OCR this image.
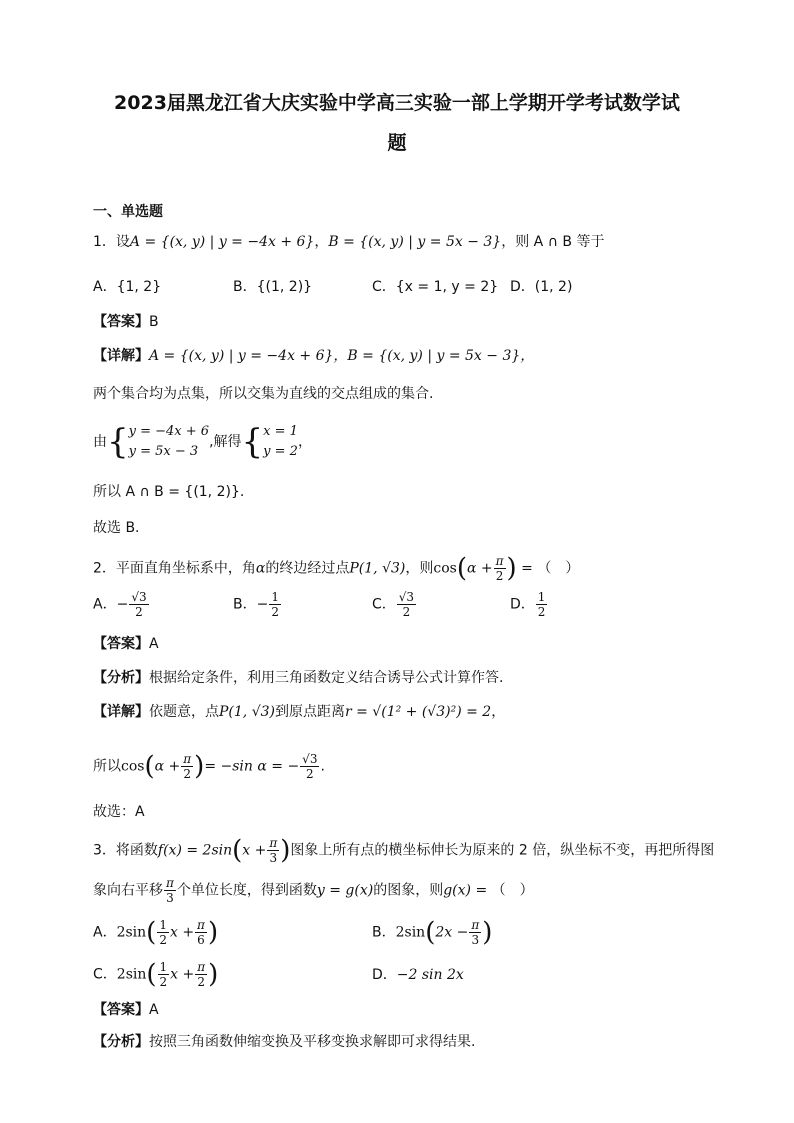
2023届黑龙江省大庆实验中学高三实验一部上学期开学考试数学试
题
一、单选题
1．设A = {(x, y) | y = −4x + 6}，B = {(x, y) | y = 5x − 3}，则 A ∩ B 等于
A．{1, 2}	B．{(1, 2)}	C．{x = 1, y = 2} D．(1, 2)
【答案】B
【详解】A = {(x, y) | y = −4x + 6}，B = {(x, y) | y = 5x − 3}，
两个集合均为点集，所以交集为直线的交点组成的集合.
由{ y = −4x + 6
y = 5x − 3
,解得{ x = 1
y = 2
，
所以 A ∩ B = {(1, 2)}.
故选 B.
2．平面直角坐标系中，角α的终边经过点P(1, √3)，则$\cos(\alpha + \frac{\pi}{2}$ ) = （　）
A．− $\frac{√3}{2}$	B．− $\frac{1}{2}$	C． $\frac{√3}{2}$	D． $\frac{1}{2}$
【答案】A
【分析】根据给定条件，利用三角函数定义结合诱导公式计算作答.
【详解】依题意，点P(1, √3)到原点距离r = √(1² + (√3)²) = 2，
所以$\cos(\alpha + \frac{\pi}{2}$ )= −sin α = − $\frac{√3}{2}$ .
故选：A
3．将函数$f(x) = 2\sin(x + \frac{\pi}{3}$ )图象上所有点的横坐标伸长为原来的 2 倍，纵坐标不变，再把所得图
象向右平移 $\frac{\pi}{3}$ 个单位长度，得到函数y = g(x)的图象，则g(x) = （　）
A．$2\sin( \frac{1}{2}$ $x + \frac{\pi}{6}$ )	B．$2\sin(2x - \frac{\pi}{3}$ )
C．$2\sin( \frac{1}{2}$ $x + \frac{\pi}{2}$ )	D．−2 sin 2x
【答案】A
【分析】按照三角函数伸缩变换及平移变换求解即可求得结果.
